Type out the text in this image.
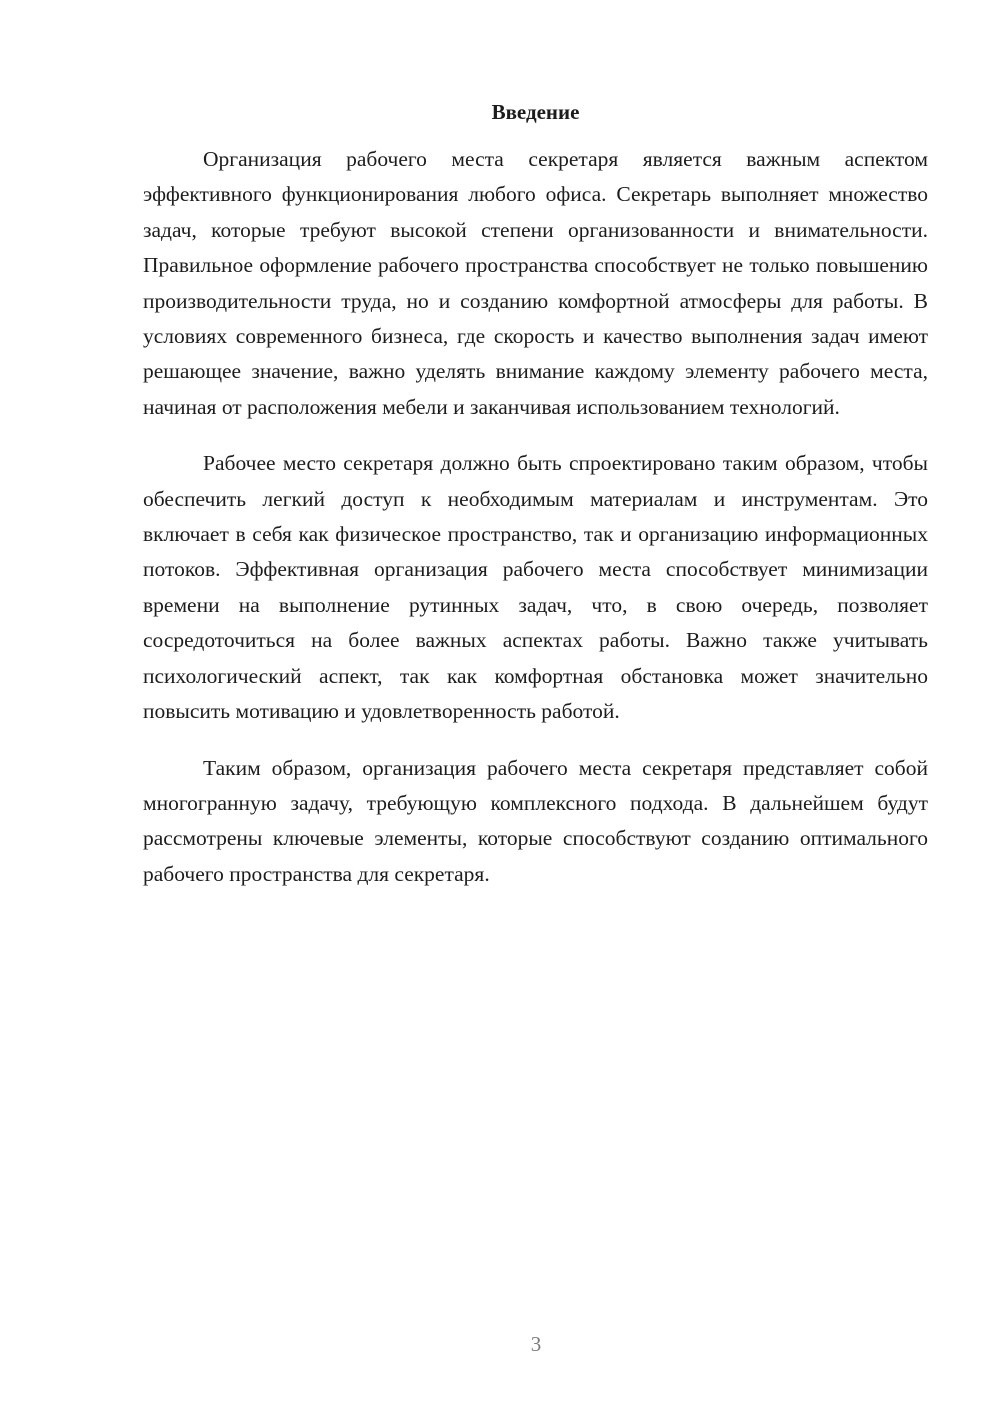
Введение

Организация рабочего места секретаря является важным аспектом эффективного функционирования любого офиса. Секретарь выполняет множество задач, которые требуют высокой степени организованности и внимательности. Правильное оформление рабочего пространства способствует не только повышению производительности труда, но и созданию комфортной атмосферы для работы. В условиях современного бизнеса, где скорость и качество выполнения задач имеют решающее значение, важно уделять внимание каждому элементу рабочего места, начиная от расположения мебели и заканчивая использованием технологий.

Рабочее место секретаря должно быть спроектировано таким образом, чтобы обеспечить легкий доступ к необходимым материалам и инструментам. Это включает в себя как физическое пространство, так и организацию информационных потоков. Эффективная организация рабочего места способствует минимизации времени на выполнение рутинных задач, что, в свою очередь, позволяет сосредоточиться на более важных аспектах работы. Важно также учитывать психологический аспект, так как комфортная обстановка может значительно повысить мотивацию и удовлетворенность работой.

Таким образом, организация рабочего места секретаря представляет собой многогранную задачу, требующую комплексного подхода. В дальнейшем будут рассмотрены ключевые элементы, которые способствуют созданию оптимального рабочего пространства для секретаря.

3
